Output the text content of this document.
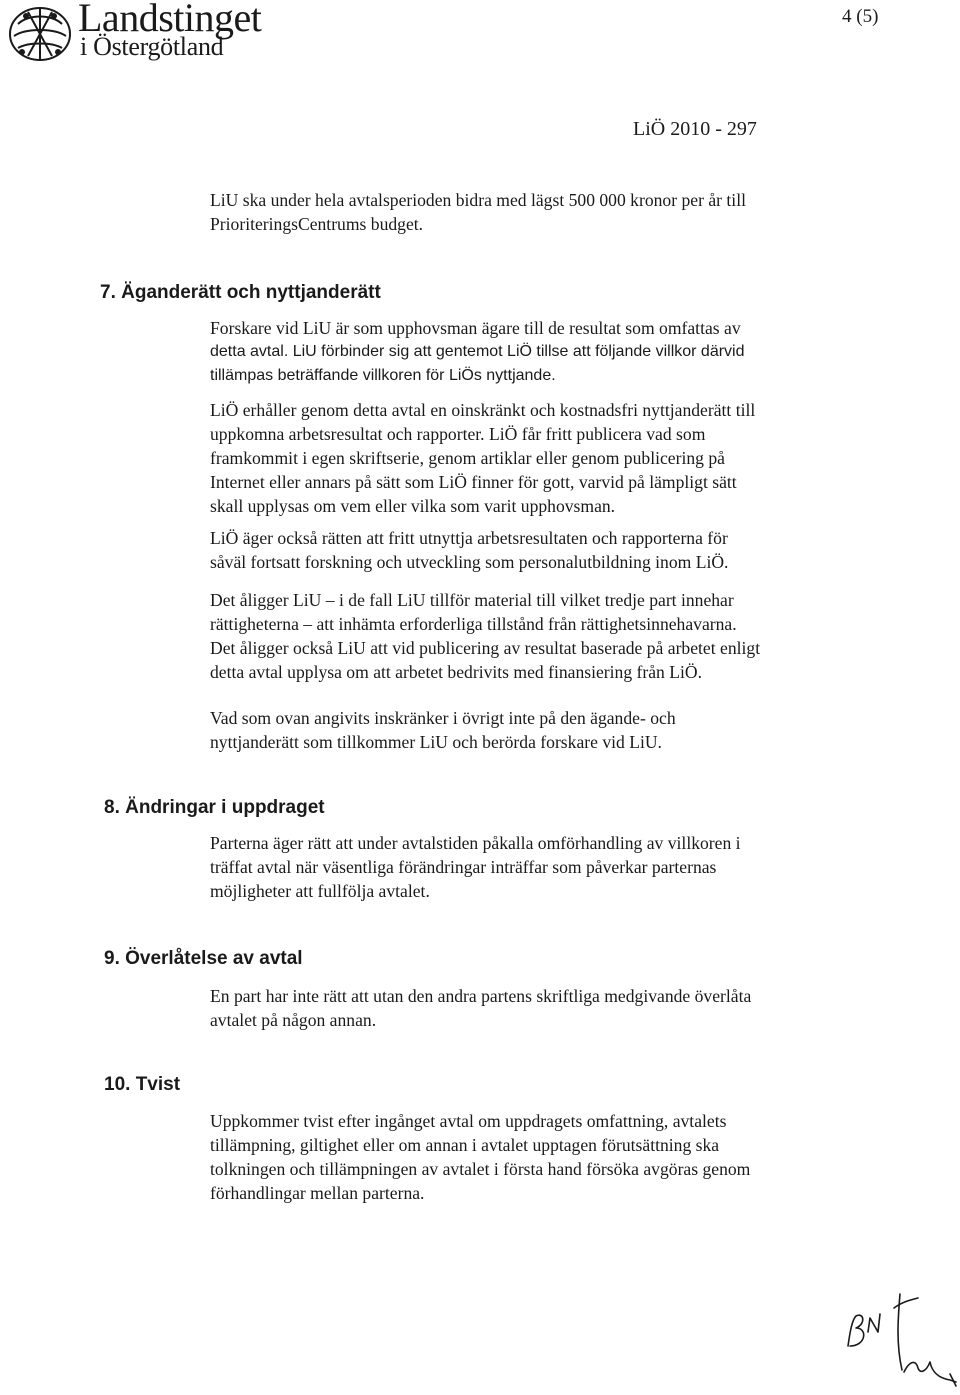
Landstinget
i Östergötland
4 (5)
LiÖ 2010 - 297
LiU ska under hela avtalsperioden bidra med lägst 500 000 kronor per år till
PrioriteringsCentrums budget.
7. Äganderätt och nyttjanderätt
Forskare vid LiU är som upphovsman ägare till de resultat som omfattas av
detta avtal. LiU förbinder sig att gentemot LiÖ tillse att följande villkor därvid
tillämpas beträffande villkoren för LiÖs nyttjande.
LiÖ erhåller genom detta avtal en oinskränkt och kostnadsfri nyttjanderätt till
uppkomna arbetsresultat och rapporter. LiÖ får fritt publicera vad som
framkommit i egen skriftserie, genom artiklar eller genom publicering på
Internet eller annars på sätt som LiÖ finner för gott, varvid på lämpligt sätt
skall upplysas om vem eller vilka som varit upphovsman.
LiÖ äger också rätten att fritt utnyttja arbetsresultaten och rapporterna för
såväl fortsatt forskning och utveckling som personalutbildning inom LiÖ.
Det åligger LiU – i de fall LiU tillför material till vilket tredje part innehar
rättigheterna – att inhämta erforderliga tillstånd från rättighetsinnehavarna.
Det åligger också LiU att vid publicering av resultat baserade på arbetet enligt
detta avtal upplysa om att arbetet bedrivits med finansiering från LiÖ.
Vad som ovan angivits inskränker i övrigt inte på den ägande- och
nyttjanderätt som tillkommer LiU och berörda forskare vid LiU.
8. Ändringar i uppdraget
Parterna äger rätt att under avtalstiden påkalla omförhandling av villkoren i
träffat avtal när väsentliga förändringar inträffar som påverkar parternas
möjligheter att fullfölja avtalet.
9. Överlåtelse av avtal
En part har inte rätt att utan den andra partens skriftliga medgivande överlåta
avtalet på någon annan.
10. Tvist
Uppkommer tvist efter ingånget avtal om uppdragets omfattning, avtalets
tillämpning, giltighet eller om annan i avtalet upptagen förutsättning ska
tolkningen och tillämpningen av avtalet i första hand försöka avgöras genom
förhandlingar mellan parterna.
